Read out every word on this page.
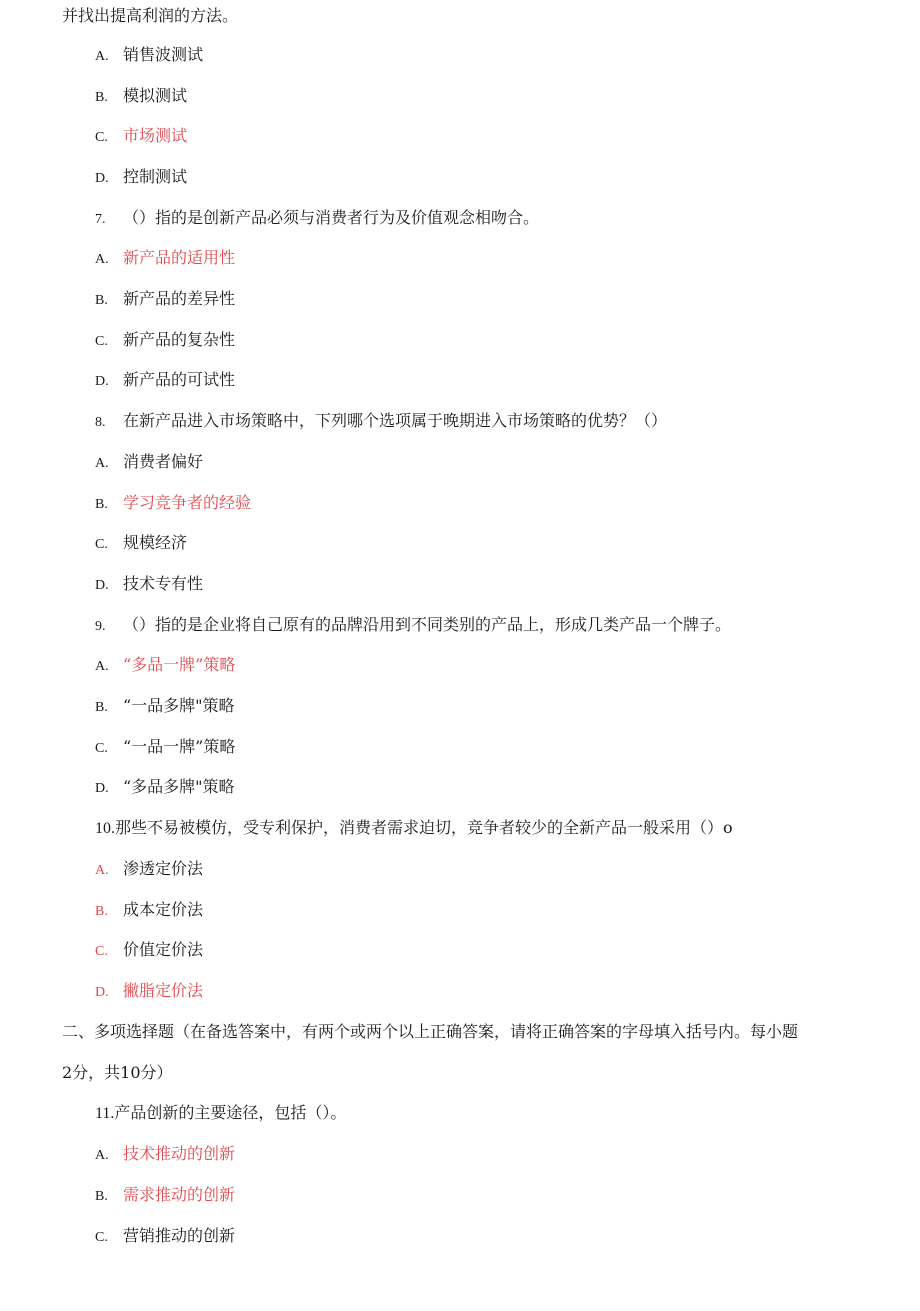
并找出提高利润的方法。
A. 销售波测试
B. 模拟测试
C. 市场测试
D. 控制测试
7. （）指的是创新产品必须与消费者行为及价值观念相吻合。
A. 新产品的适用性
B. 新产品的差异性
C. 新产品的复杂性
D. 新产品的可试性
8. 在新产品进入市场策略中，下列哪个选项属于晚期进入市场策略的优势？（）
A. 消费者偏好
B. 学习竞争者的经验
C. 规模经济
D. 技术专有性
9. （）指的是企业将自己原有的品牌沿用到不同类别的产品上，形成几类产品一个牌子。
A. “多品一牌”策略
B. “一品多牌"策略
C. “一品一牌”策略
D. “多品多牌"策略
10.那些不易被模仿，受专利保护，消费者需求迫切，竞争者较少的全新产品一般采用（）o
A. 渗透定价法
B. 成本定价法
C. 价值定价法
D. 撇脂定价法
二、多项选择题（在备选答案中，有两个或两个以上正确答案，请将正确答案的字母填入括号内。每小题
2分，共10分）
11.产品创新的主要途径，包括（）。
A. 技术推动的创新
B. 需求推动的创新
C. 营销推动的创新
